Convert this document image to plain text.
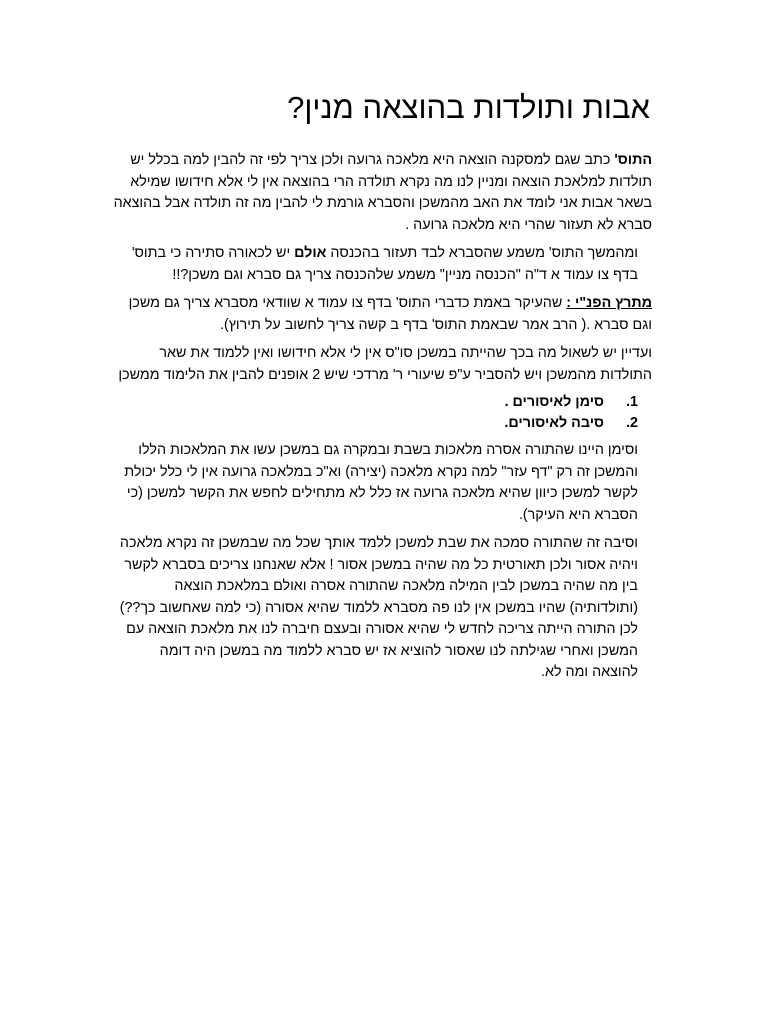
אבות ותולדות בהוצאה מנין?

התוס' כתב שגם למסקנה הוצאה היא מלאכה גרועה ולכן צריך לפי זה להבין למה בכלל יש תולדות למלאכת הוצאה ומניין לנו מה נקרא תולדה הרי בהוצאה אין לי אלא חידושו שמילא בשאר אבות אני לומד את האב מהמשכן והסברא גורמת לי להבין מה זה תולדה אבל בהוצאה סברא לא תעזור שהרי היא מלאכה גרועה .

ומהמשך התוס' משמע שהסברא לבד תעזור בהכנסה אולם יש לכאורה סתירה כי בתוס' בדף צו עמוד א ד"ה "הכנסה מניין" משמע שלהכנסה צריך גם סברא וגם משכן?!!

מתרץ הפנ"י : שהעיקר באמת כדברי התוס' בדף צו עמוד א שוודאי מסברא צריך גם משכן וגם סברא .( הרב אמר שבאמת התוס' בדף ב קשה צריך לחשוב על תירוץ).

ועדיין יש לשאול מה בכך שהייתה במשכן סו"ס אין לי אלא חידושו ואין ללמוד את שאר התולדות מהמשכן ויש להסביר ע"פ שיעורי ר' מרדכי שיש 2 אופנים להבין את הלימוד ממשכן

1.
סימן לאיסורים .
2.
סיבה לאיסורים.

וסימן היינו שהתורה אסרה מלאכות בשבת ובמקרה גם במשכן עשו את המלאכות הללו והמשכן זה רק "דף עזר" למה נקרא מלאכה (יצירה) וא"כ במלאכה גרועה אין לי כלל יכולת לקשר למשכן כיוון שהיא מלאכה גרועה אז כלל לא מתחילים לחפש את הקשר למשכן (כי הסברא היא העיקר).

וסיבה זה שהתורה סמכה את שבת למשכן ללמד אותך שכל מה שבמשכן זה נקרא מלאכה ויהיה אסור ולכן תאורטית כל מה שהיה במשכן אסור ! אלא שאנחנו צריכים בסברא לקשר בין מה שהיה במשכן לבין המילה מלאכה שהתורה אסרה ואולם במלאכת הוצאה (ותולדותיה) שהיו במשכן אין לנו פה מסברא ללמוד שהיא אסורה (כי למה שאחשוב כך??) לכן התורה הייתה צריכה לחדש לי שהיא אסורה ובעצם חיברה לנו את מלאכת הוצאה עם המשכן ואחרי שגילתה לנו שאסור להוציא אז יש סברא ללמוד מה במשכן היה דומה להוצאה ומה לא.
